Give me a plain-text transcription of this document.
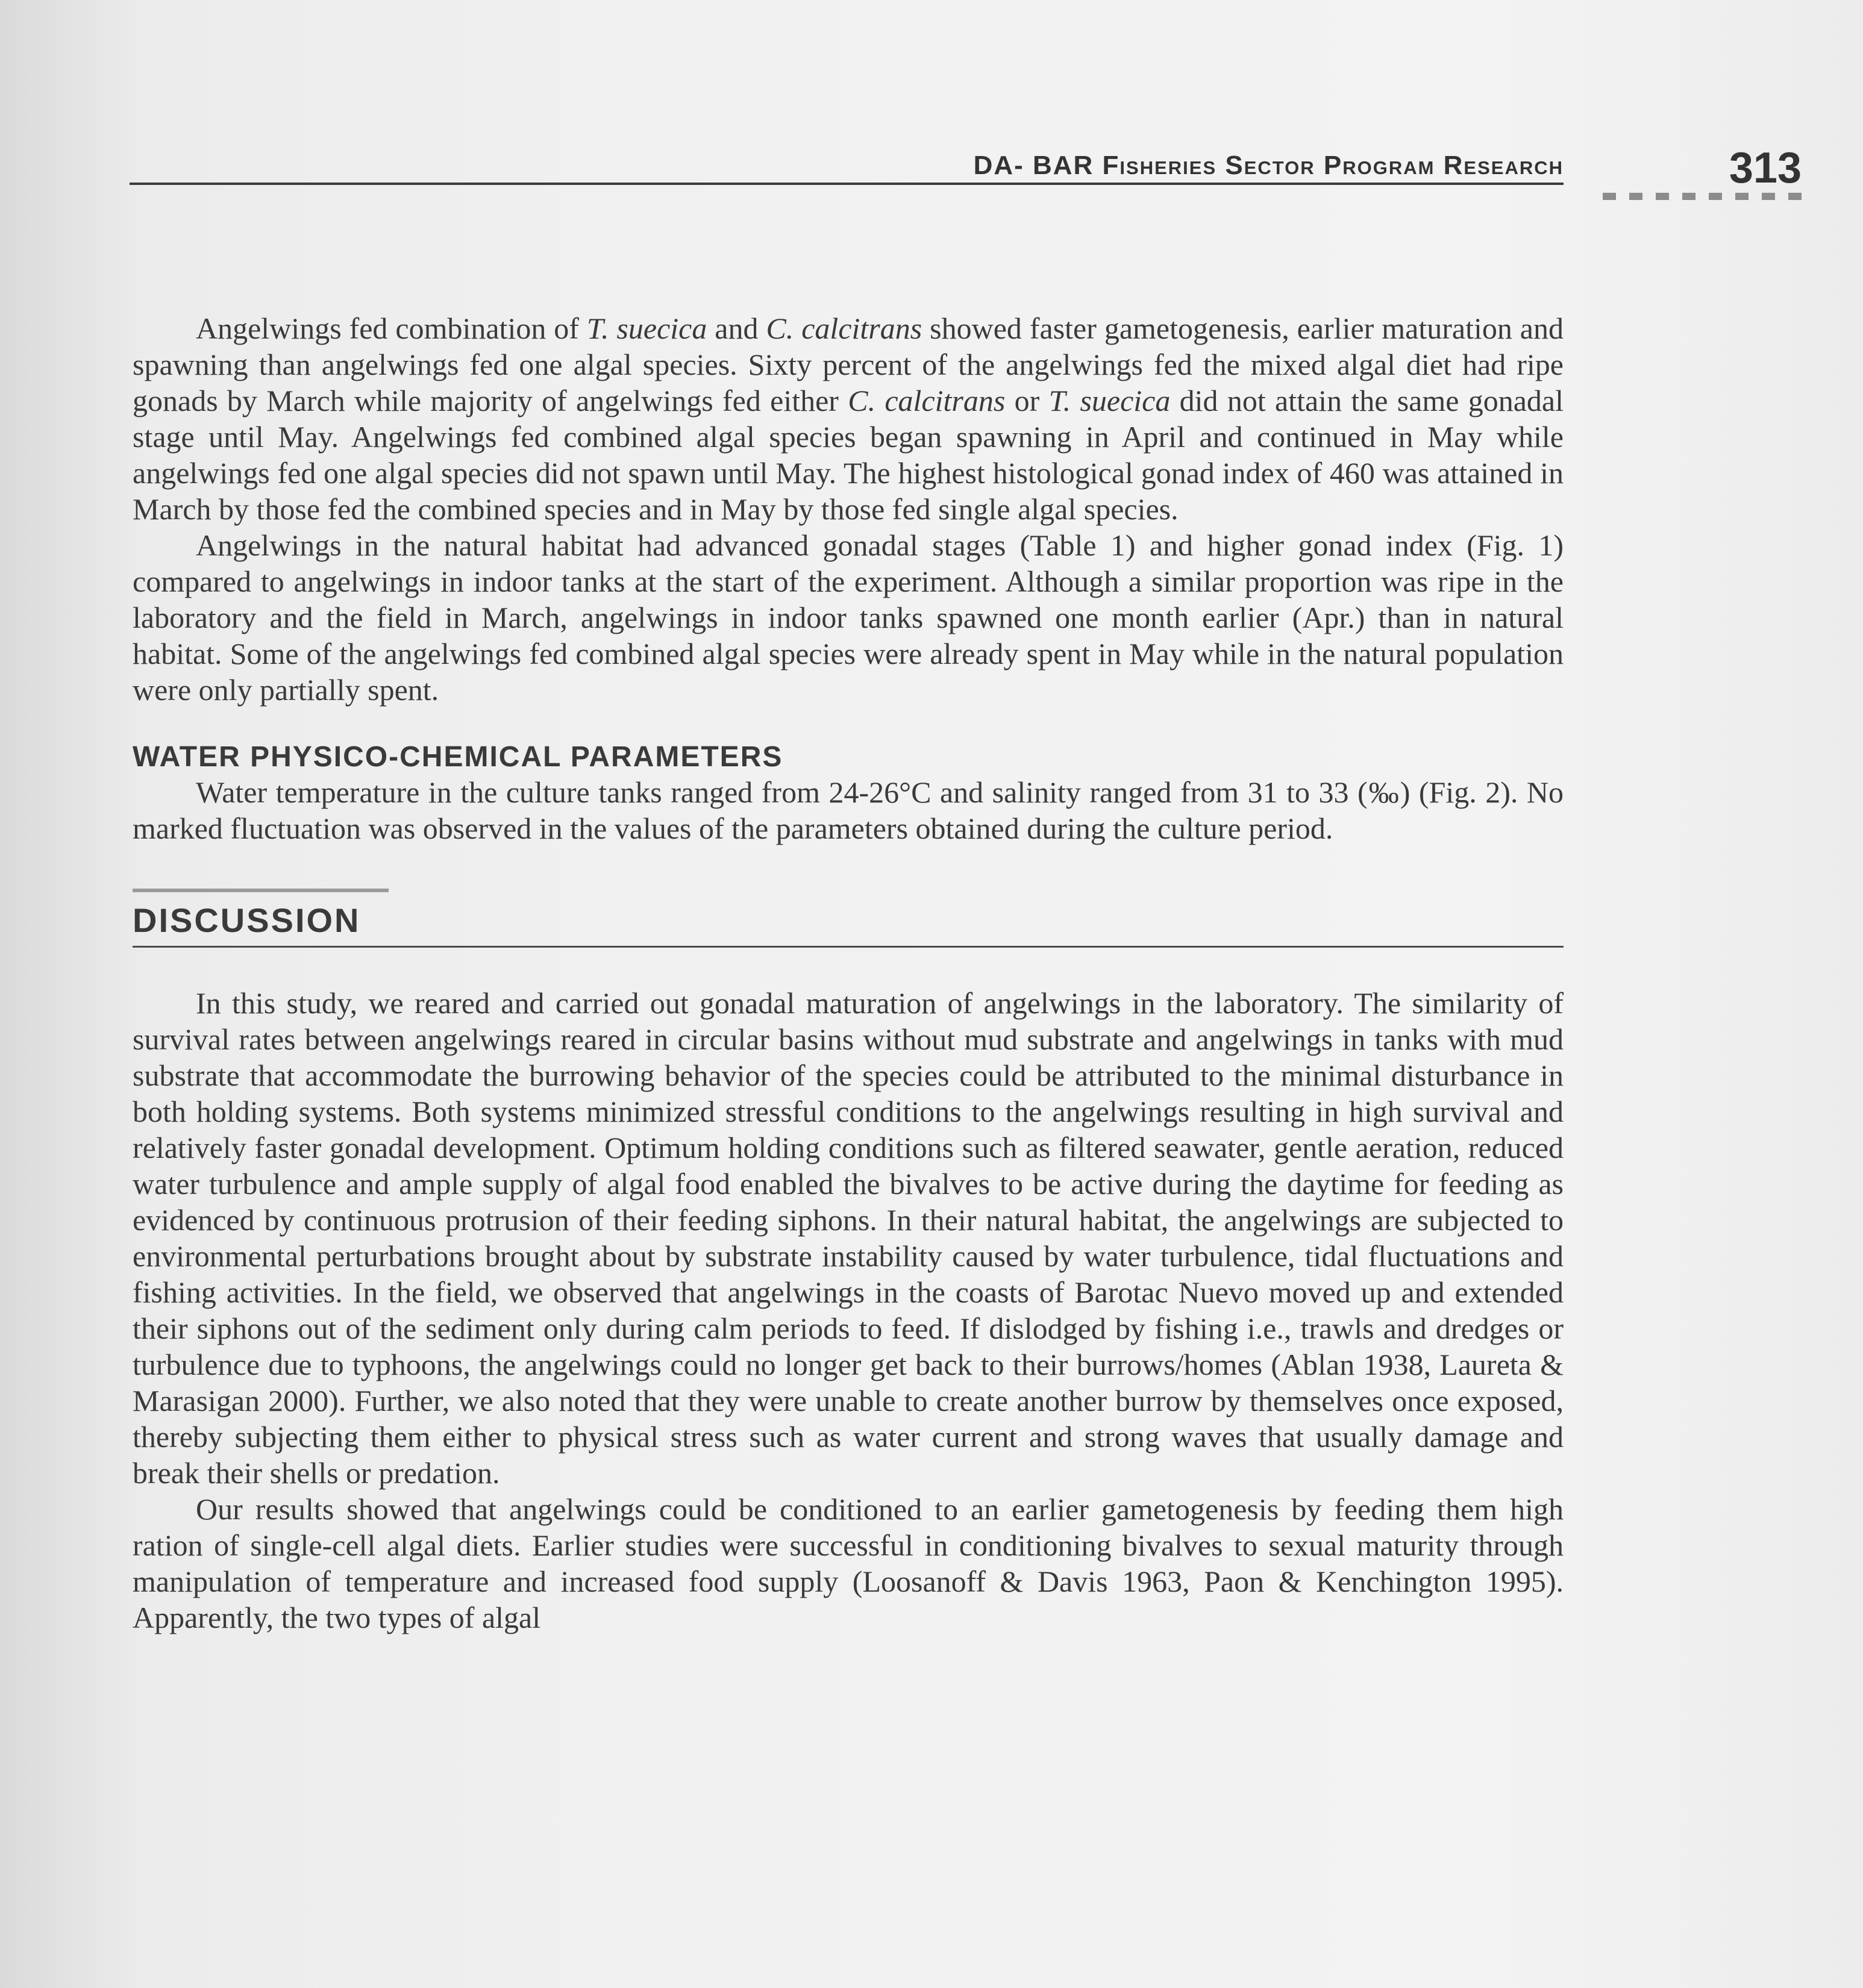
DA- BAR Fisheries Sector Program Research	313

Angelwings fed combination of T. suecica and C. calcitrans showed faster gametogenesis, earlier maturation and spawning than angelwings fed one algal species. Sixty percent of the angelwings fed the mixed algal diet had ripe gonads by March while majority of angelwings fed either C. calcitrans or T. suecica did not attain the same gonadal stage until May. Angelwings fed combined algal species began spawning in April and continued in May while angelwings fed one algal species did not spawn until May. The highest histological gonad index of 460 was attained in March by those fed the combined species and in May by those fed single algal species.

Angelwings in the natural habitat had advanced gonadal stages (Table 1) and higher gonad index (Fig. 1) compared to angelwings in indoor tanks at the start of the experiment. Although a similar proportion was ripe in the laboratory and the field in March, angelwings in indoor tanks spawned one month earlier (Apr.) than in natural habitat. Some of the angelwings fed combined algal species were already spent in May while in the natural population were only partially spent.

WATER PHYSICO-CHEMICAL PARAMETERS

Water temperature in the culture tanks ranged from 24-26°C and salinity ranged from 31 to 33 (‰) (Fig. 2). No marked fluctuation was observed in the values of the parameters obtained during the culture period.

DISCUSSION

In this study, we reared and carried out gonadal maturation of angelwings in the laboratory. The similarity of survival rates between angelwings reared in circular basins without mud substrate and angelwings in tanks with mud substrate that accommodate the burrowing behavior of the species could be attributed to the minimal disturbance in both holding systems. Both systems minimized stressful conditions to the angelwings resulting in high survival and relatively faster gonadal development. Optimum holding conditions such as filtered seawater, gentle aeration, reduced water turbulence and ample supply of algal food enabled the bivalves to be active during the daytime for feeding as evidenced by continuous protrusion of their feeding siphons. In their natural habitat, the angelwings are subjected to environmental perturbations brought about by substrate instability caused by water turbulence, tidal fluctuations and fishing activities. In the field, we observed that angelwings in the coasts of Barotac Nuevo moved up and extended their siphons out of the sediment only during calm periods to feed. If dislodged by fishing i.e., trawls and dredges or turbulence due to typhoons, the angelwings could no longer get back to their burrows/homes (Ablan 1938, Laureta & Marasigan 2000). Further, we also noted that they were unable to create another burrow by themselves once exposed, thereby subjecting them either to physical stress such as water current and strong waves that usually damage and break their shells or predation.

Our results showed that angelwings could be conditioned to an earlier gametogenesis by feeding them high ration of single-cell algal diets. Earlier studies were successful in conditioning bivalves to sexual maturity through manipulation of temperature and increased food supply (Loosanoff & Davis 1963, Paon & Kenchington 1995). Apparently, the two types of algal
